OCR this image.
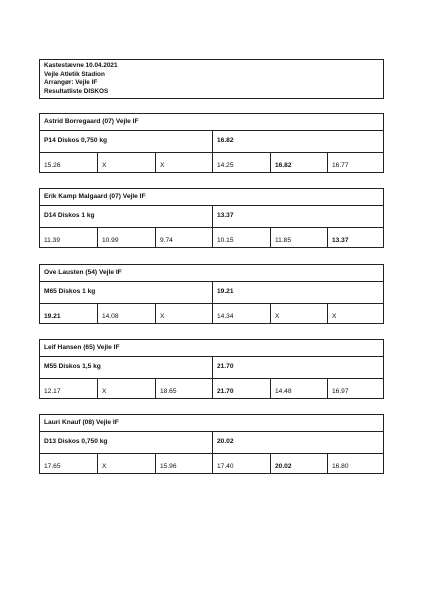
Kastestævne 10.04.2021
Vejle Atletik Stadion
Arrangør: Vejle IF
Resultatliste DISKOS
Astrid Borregaard (07) Vejle IF
P14 Diskos 0,750 kg	16.82
15.26	X	X	14.25	16.82	16.77
Erik Kamp Malgaard (07) Vejle IF
D14 Diskos 1 kg	13.37
11.39	10.99	9.74	10.15	11.85	13.37
Ove Lausten (54) Vejle IF
M65 Diskos 1 kg	19.21
19.21	14.08	X	14.34	X	X
Leif Hansen (65) Vejle IF
M55 Diskos 1,5 kg	21.70
12.17	X	18.65	21.70	14.48	16.97
Lauri Knauf (08) Vejle IF
D13 Diskos 0,750 kg	20.02
17.65	X	15.96	17.40	20.02	16.80
